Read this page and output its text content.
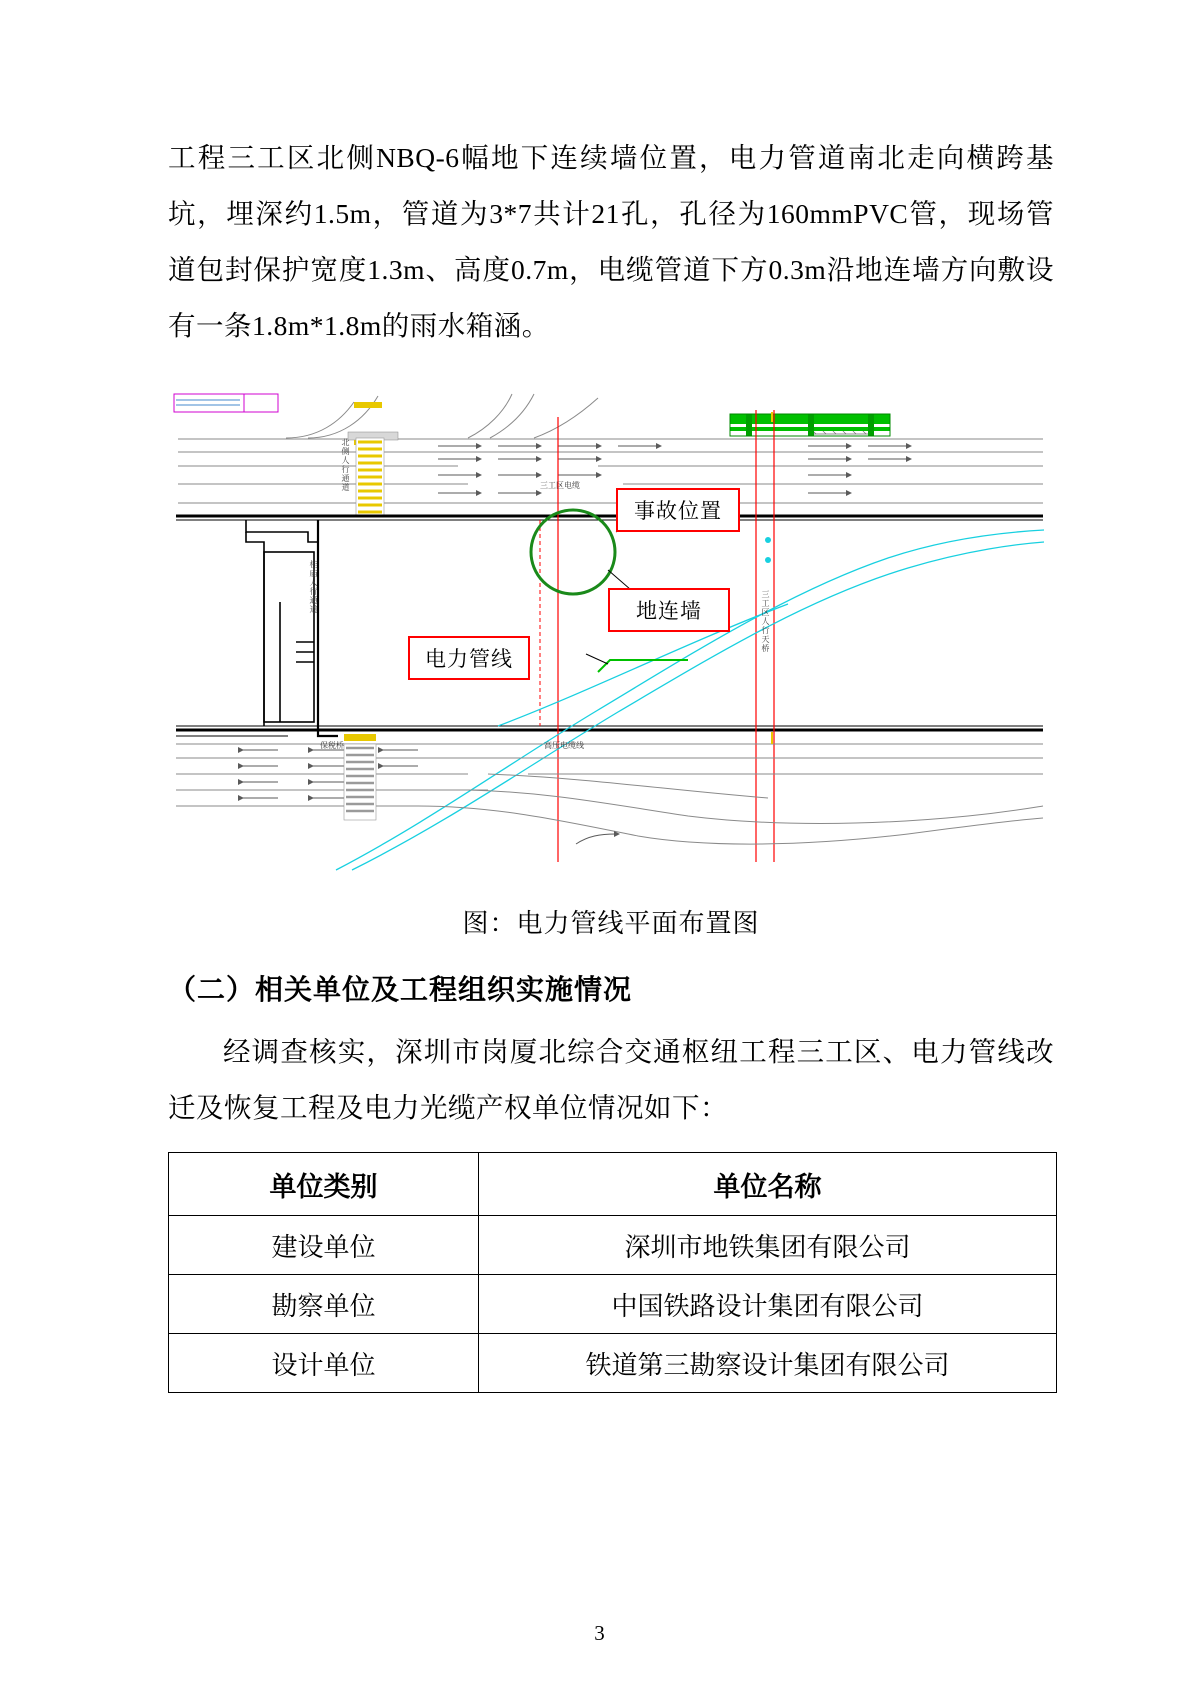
工程三工区北侧NBQ-6幅地下连续墙位置，电力管道南北走向横跨基坑，埋深约1.5m，管道为3*7共计21孔，孔径为160mmPVC管，现场管道包封保护宽度1.3m、高度0.7m，电缆管道下方0.3m沿地连墙方向敷设有一条1.8m*1.8m的雨水箱涵。

北侧人行通道	三工区电缆
桂庙人行通道
保税桥	高压电缆线
三工区人行天桥
事故位置
地连墙
电力管线
图：电力管线平面布置图
（二）相关单位及工程组织实施情况

经调查核实，深圳市岗厦北综合交通枢纽工程三工区、电力管线改迁及恢复工程及电力光缆产权单位情况如下：

单位类别	单位名称
建设单位	深圳市地铁集团有限公司
勘察单位	中国铁路设计集团有限公司
设计单位	铁道第三勘察设计集团有限公司
3
